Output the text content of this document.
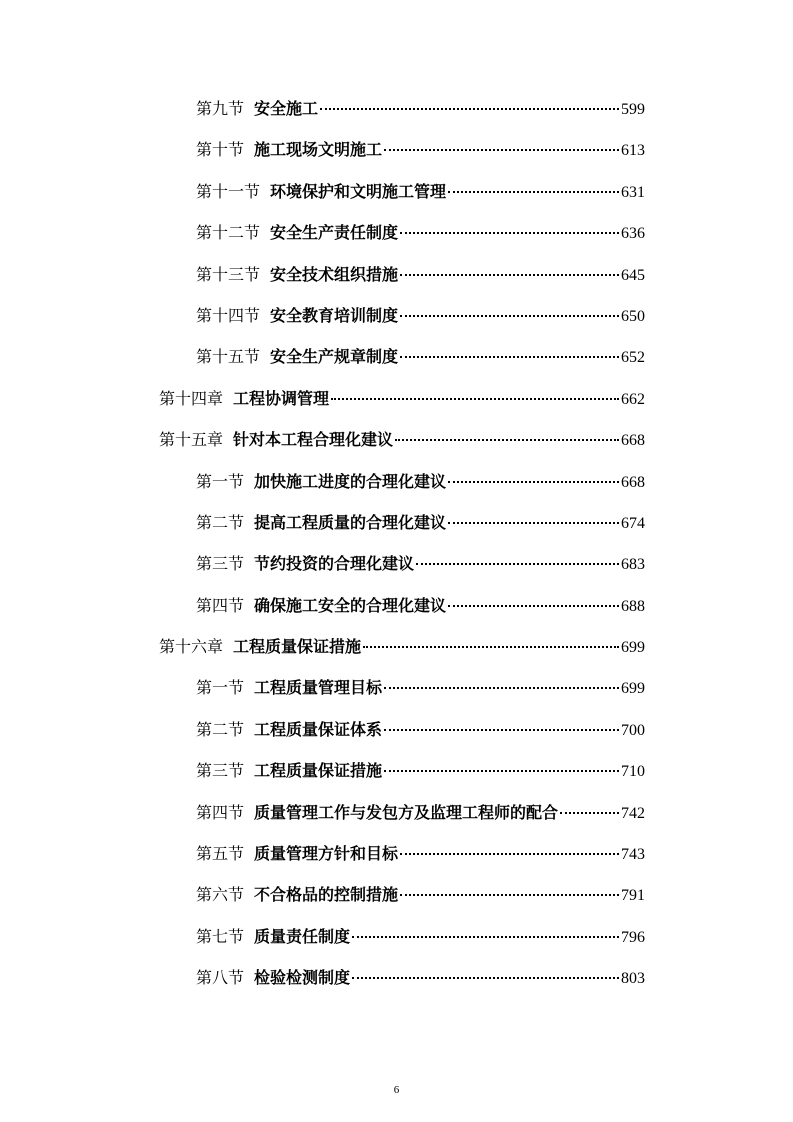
第九节 安全施工	599
第十节 施工现场文明施工	613
第十一节 环境保护和文明施工管理	631
第十二节 安全生产责任制度	636
第十三节 安全技术组织措施	645
第十四节 安全教育培训制度	650
第十五节 安全生产规章制度	652
第十四章 工程协调管理	662
第十五章 针对本工程合理化建议	668
第一节 加快施工进度的合理化建议	668
第二节 提高工程质量的合理化建议	674
第三节 节约投资的合理化建议	683
第四节 确保施工安全的合理化建议	688
第十六章 工程质量保证措施	699
第一节 工程质量管理目标	699
第二节 工程质量保证体系	700
第三节 工程质量保证措施	710
第四节 质量管理工作与发包方及监理工程师的配合	742
第五节 质量管理方针和目标	743
第六节 不合格品的控制措施	791
第七节 质量责任制度	796
第八节 检验检测制度	803
6
